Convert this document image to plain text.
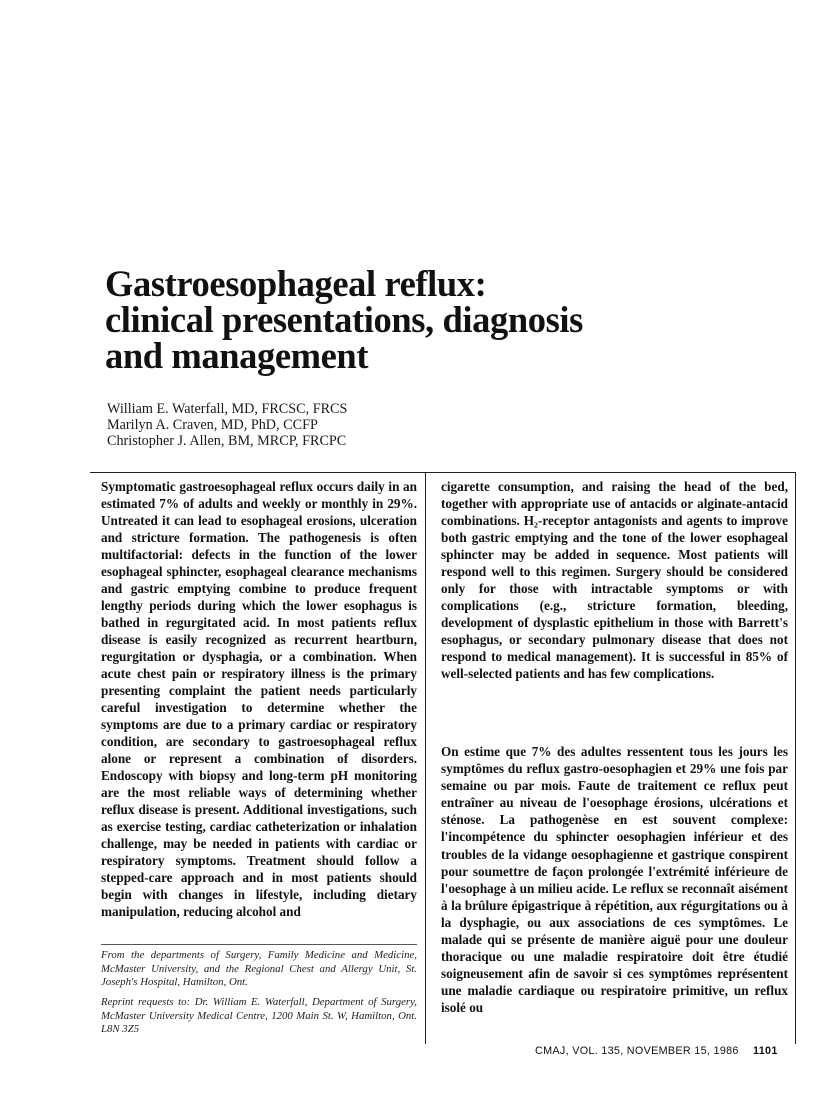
Gastroesophageal reflux:
clinical presentations, diagnosis
and management
William E. Waterfall, MD, FRCSC, FRCS
Marilyn A. Craven, MD, PhD, CCFP
Christopher J. Allen, BM, MRCP, FRCPC

Symptomatic gastroesophageal reflux occurs daily in an estimated 7% of adults and weekly or monthly in 29%. Untreated it can lead to esophageal erosions, ulceration and stricture formation. The pathogenesis is often multifactorial: defects in the function of the lower esophageal sphincter, esophageal clearance mechanisms and gastric emptying combine to produce frequent lengthy periods during which the lower esophagus is bathed in regurgitated acid. In most patients reflux disease is easily recognized as recurrent heartburn, regurgitation or dysphagia, or a combination. When acute chest pain or respiratory illness is the primary presenting complaint the patient needs particularly careful investigation to determine whether the symptoms are due to a primary cardiac or respiratory condition, are secondary to gastroesophageal reflux alone or represent a combination of disorders. Endoscopy with biopsy and long-term pH monitoring are the most reliable ways of determining whether reflux disease is present. Additional investigations, such as exercise testing, cardiac catheterization or inhalation challenge, may be needed in patients with cardiac or respiratory symptoms. Treatment should follow a stepped-care approach and in most patients should begin with changes in lifestyle, including dietary manipulation, reducing alcohol and

cigarette consumption, and raising the head of the bed, together with appropriate use of antacids or alginate-antacid combinations. H₂-receptor antagonists and agents to improve both gastric emptying and the tone of the lower esophageal sphincter may be added in sequence. Most patients will respond well to this regimen. Surgery should be considered only for those with intractable symptoms or with complications (e.g., stricture formation, bleeding, development of dysplastic epithelium in those with Barrett's esophagus, or secondary pulmonary disease that does not respond to medical management). It is successful in 85% of well-selected patients and has few complications.

On estime que 7% des adultes ressentent tous les jours les symptômes du reflux gastro-oesophagien et 29% une fois par semaine ou par mois. Faute de traitement ce reflux peut entraîner au niveau de l'oesophage érosions, ulcérations et sténose. La pathogenèse en est souvent complexe: l'incompétence du sphincter oesophagien inférieur et des troubles de la vidange oesophagienne et gastrique conspirent pour soumettre de façon prolongée l'extrémité inférieure de l'oesophage à un milieu acide. Le reflux se reconnaît aisément à la brûlure épigastrique à répétition, aux régurgitations ou à la dysphagie, ou aux associations de ces symptômes. Le malade qui se présente de manière aiguë pour une douleur thoracique ou une maladie respiratoire doit être étudié soigneusement afin de savoir si ces symptômes représentent une maladie cardiaque ou respiratoire primitive, un reflux isolé ou

From the departments of Surgery, Family Medicine and Medicine, McMaster University, and the Regional Chest and Allergy Unit, St. Joseph's Hospital, Hamilton, Ont.

Reprint requests to: Dr. William E. Waterfall, Department of Surgery, McMaster University Medical Centre, 1200 Main St. W, Hamilton, Ont. L8N 3Z5

CMAJ, VOL. 135, NOVEMBER 15, 1986 1101
